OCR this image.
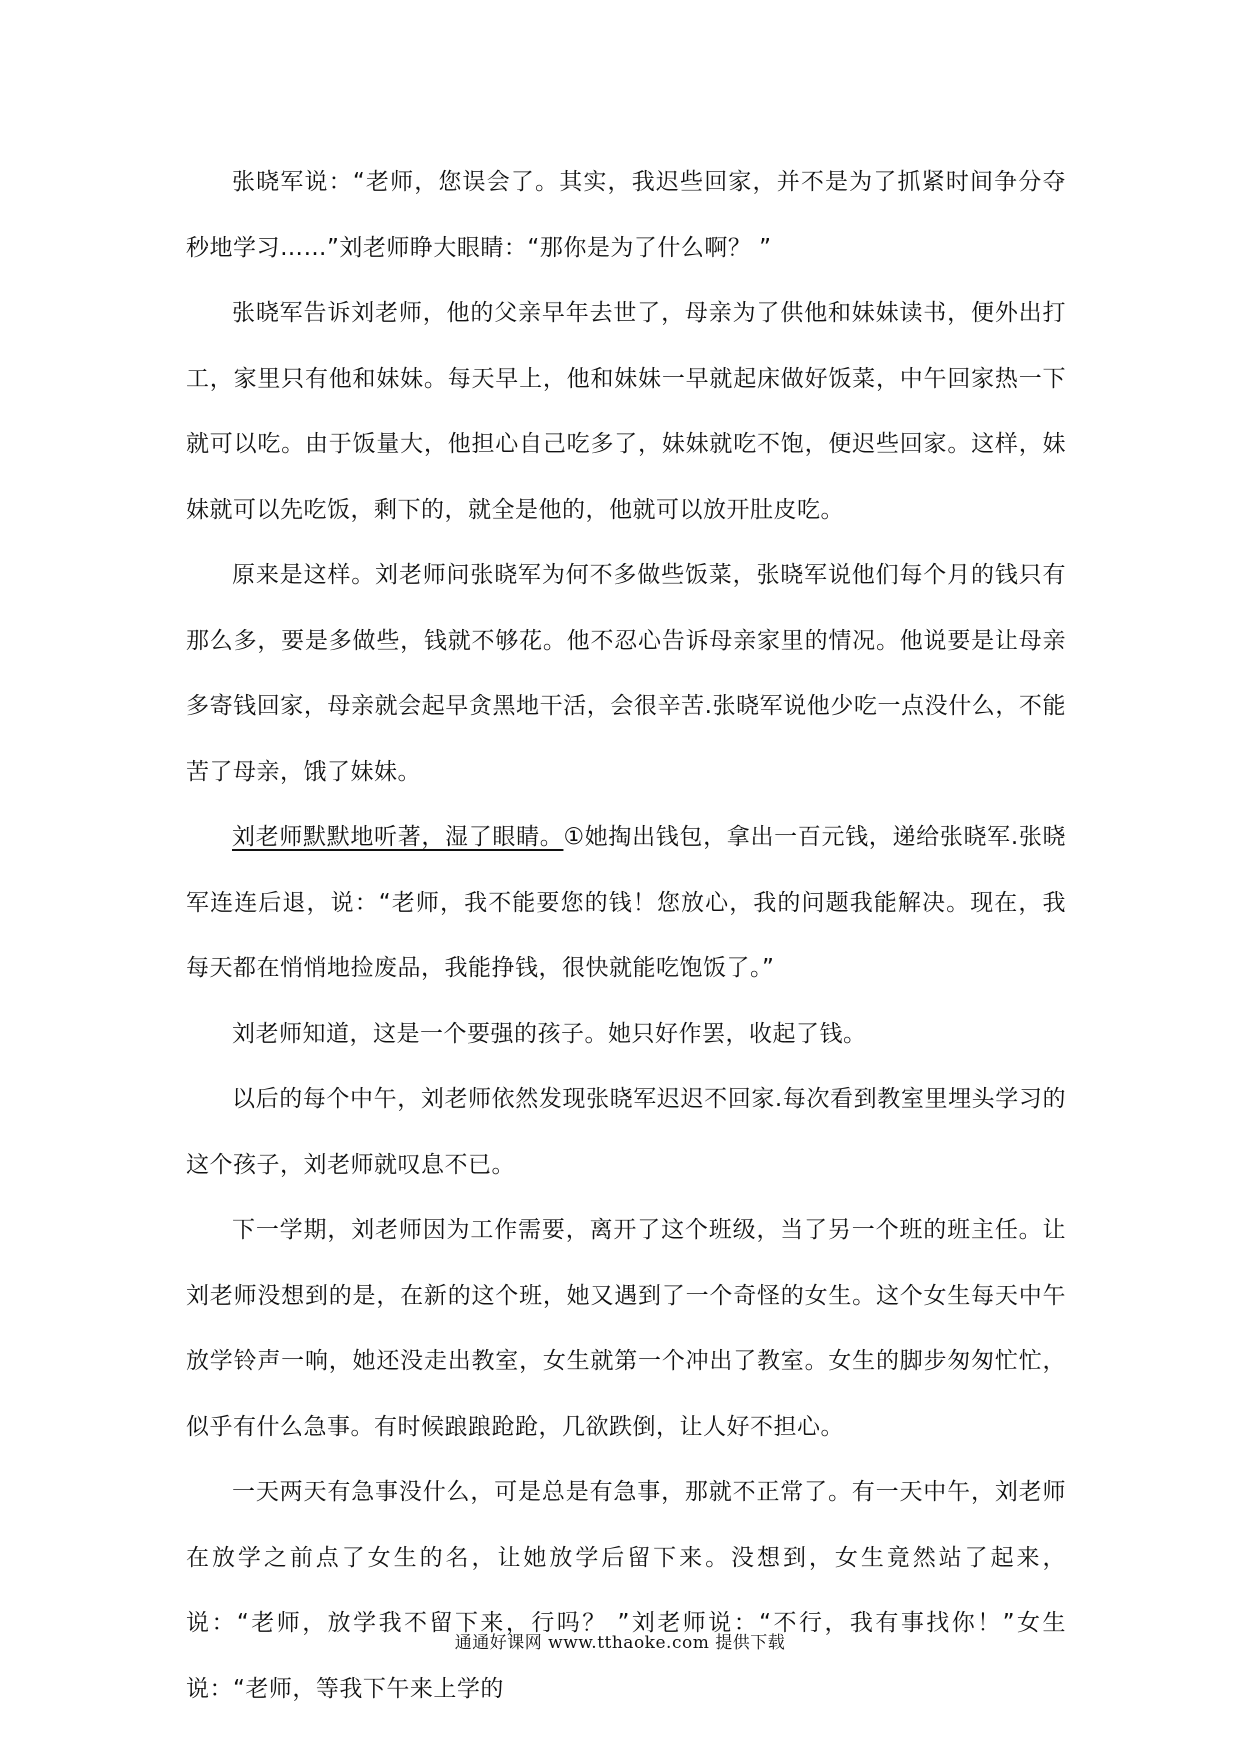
张晓军说：“老师，您误会了。其实，我迟些回家，并不是为了抓紧时间争分夺秒地学习……”刘老师睁大眼睛：“那你是为了什么啊？ ”

张晓军告诉刘老师，他的父亲早年去世了，母亲为了供他和妹妹读书，便外出打工，家里只有他和妹妹。每天早上，他和妹妹一早就起床做好饭菜，中午回家热一下就可以吃。由于饭量大，他担心自己吃多了，妹妹就吃不饱，便迟些回家。这样，妹妹就可以先吃饭，剩下的，就全是他的，他就可以放开肚皮吃。

原来是这样。刘老师问张晓军为何不多做些饭菜，张晓军说他们每个月的钱只有那么多，要是多做些，钱就不够花。他不忍心告诉母亲家里的情况。他说要是让母亲多寄钱回家，母亲就会起早贪黑地干活，会很辛苦.张晓军说他少吃一点没什么，不能苦了母亲，饿了妹妹。

刘老师默默地听著，湿了眼睛。①她掏出钱包，拿出一百元钱，递给张晓军.张晓 军连连后退，说：“老师，我不能要您的钱！您放心，我的问题我能解决。现在，我每天都在悄悄地捡废品，我能挣钱，很快就能吃饱饭了。”

刘老师知道，这是一个要强的孩子。她只好作罢，收起了钱。

以后的每个中午，刘老师依然发现张晓军迟迟不回家.每次看到教室里埋头学习的这个孩子，刘老师就叹息不已。

下一学期，刘老师因为工作需要，离开了这个班级，当了另一个班的班主任。让刘老师没想到的是，在新的这个班，她又遇到了一个奇怪的女生。这个女生每天中午放学铃声一响，她还没走出教室，女生就第一个冲出了教室。女生的脚步匆匆忙忙，似乎有什么急事。有时候踉踉跄跄，几欲跌倒，让人好不担心。

一天两天有急事没什么，可是总是有急事，那就不正常了。有一天中午，刘老师在放学之前点了女生的名，让她放学后留下来。没想到，女生竟然站了起来，说：“老师，放学我不留下来，行吗？ ”刘老师说：“不行，我有事找你！”女生说：“老师，等我下午来上学的

通通好课网 www.tthaoke.com 提供下载
